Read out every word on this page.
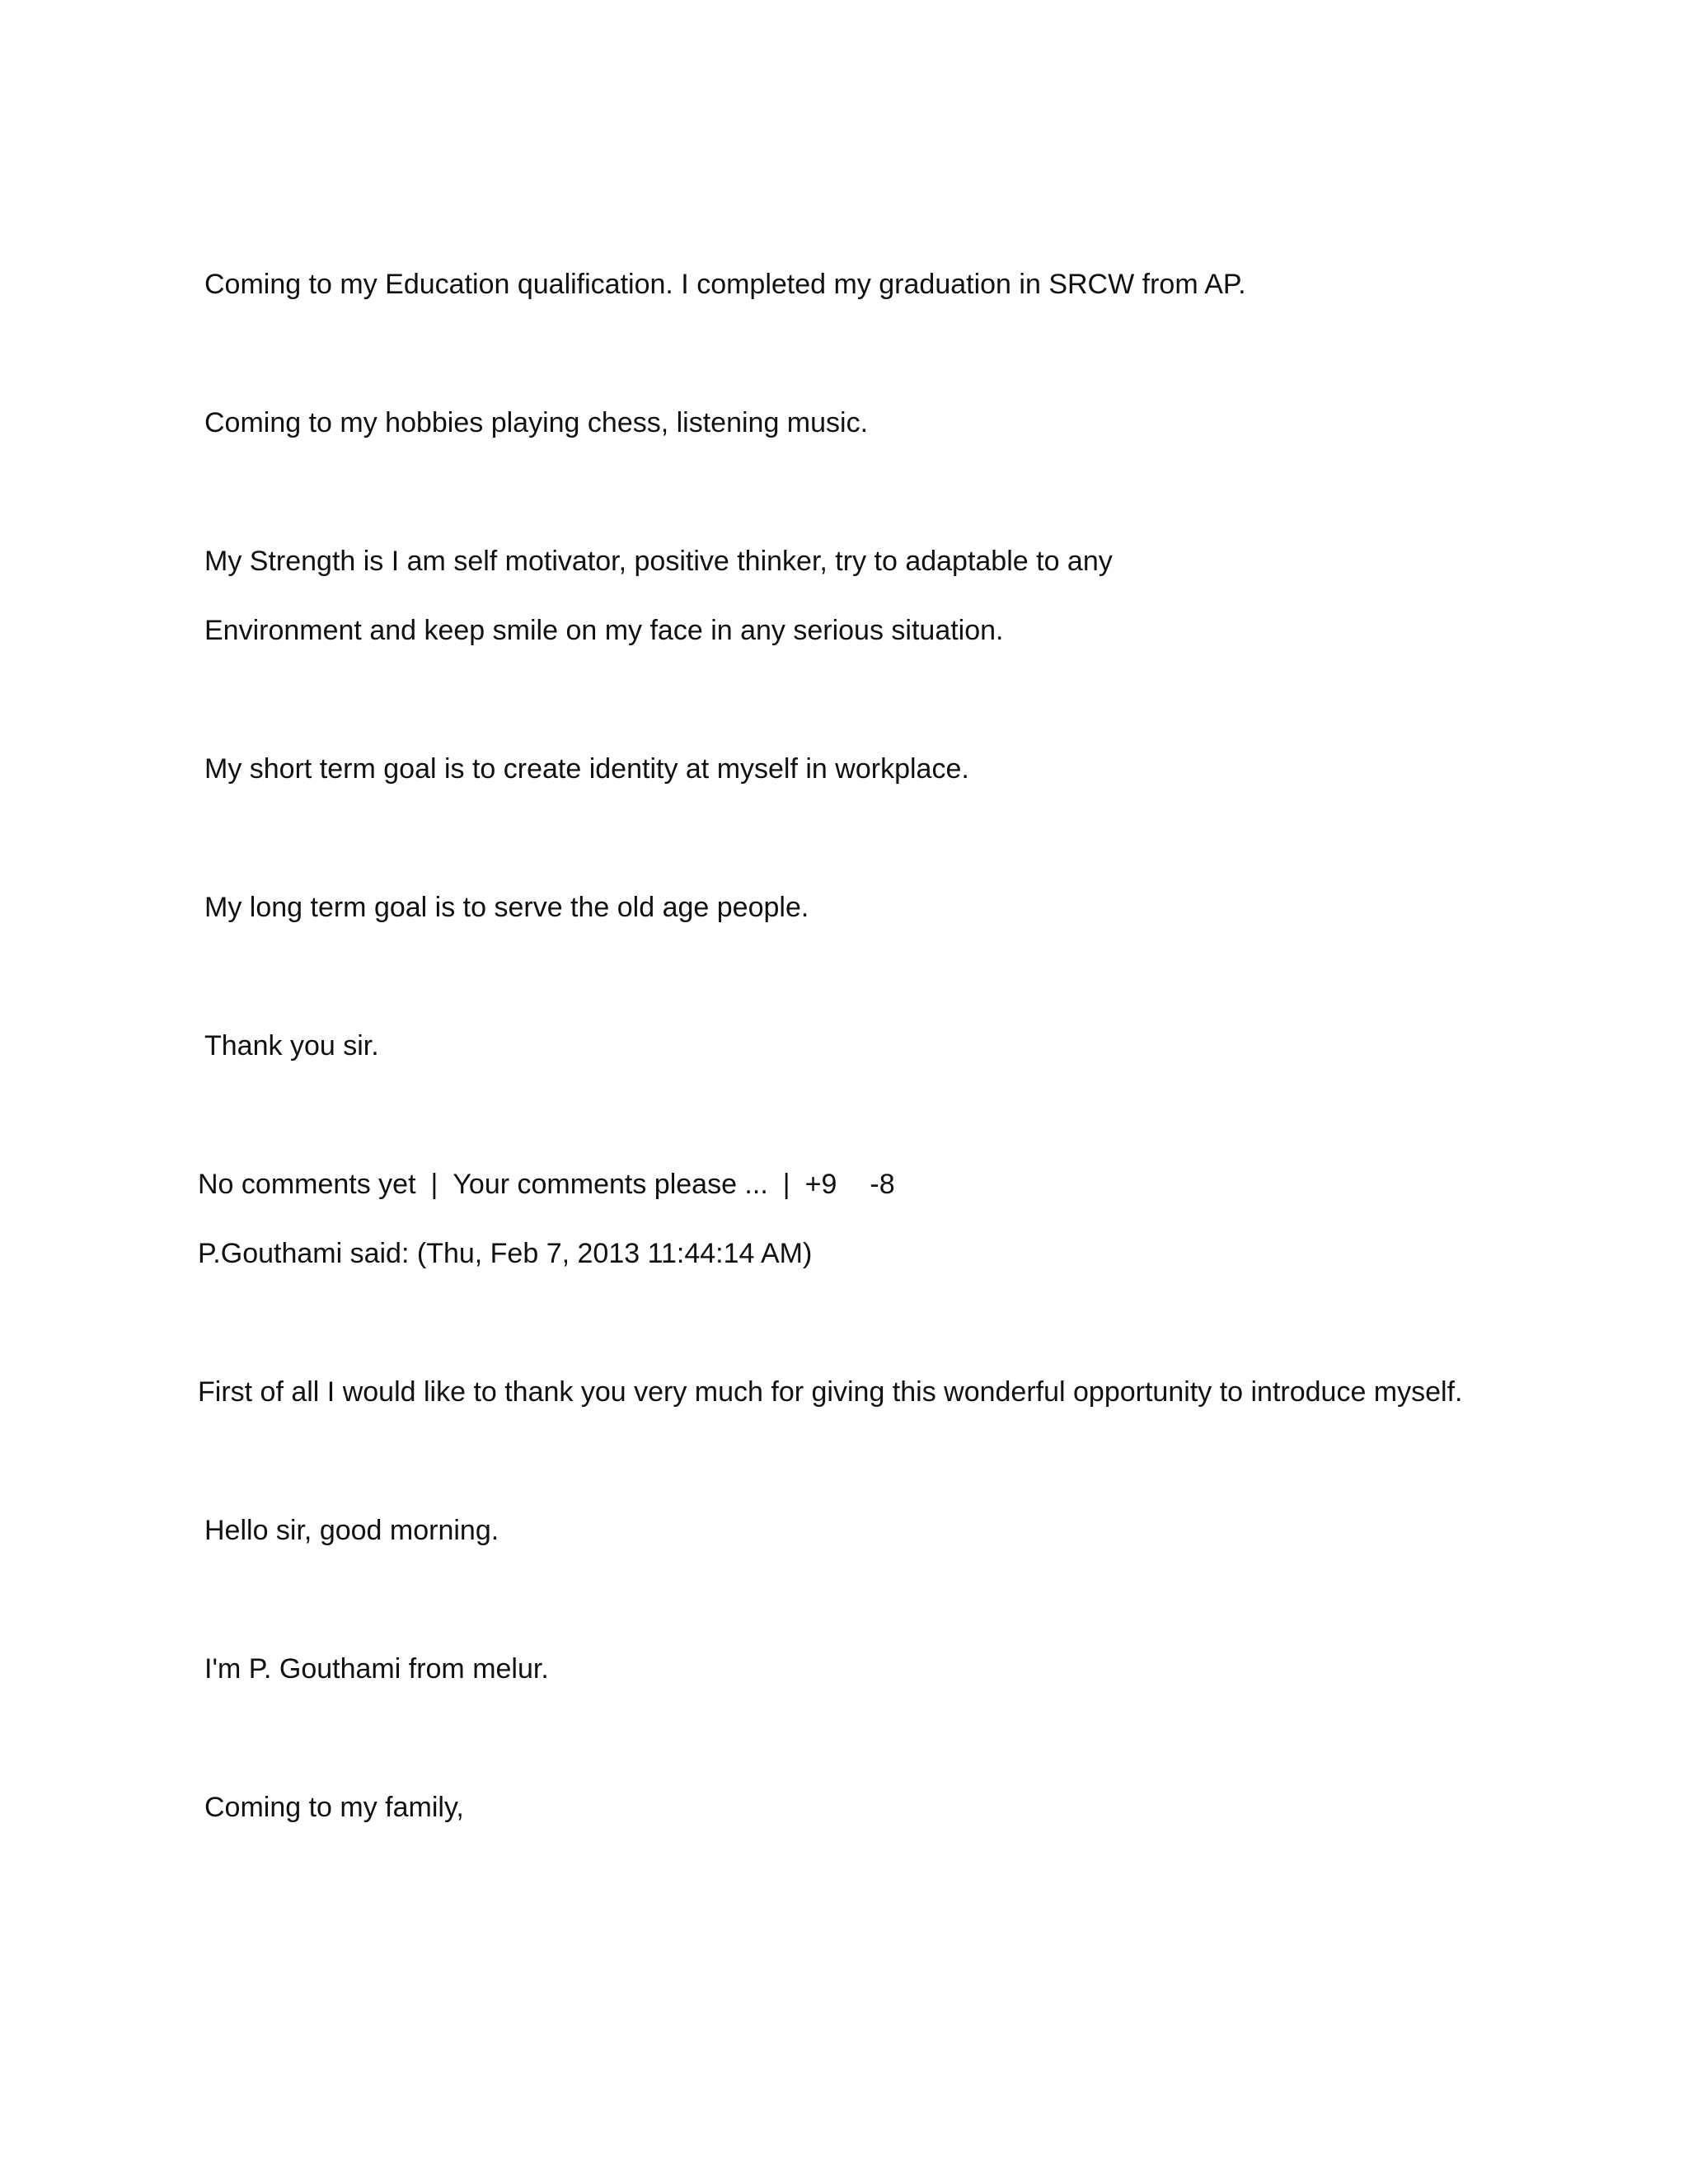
Coming to my Education qualification. I completed my graduation in SRCW from AP.
Coming to my hobbies playing chess, listening music.
My Strength is I am self motivator, positive thinker, try to adaptable to any
Environment and keep smile on my face in any serious situation.
My short term goal is to create identity at myself in workplace.
My long term goal is to serve the old age people.
Thank you sir.
No comments yet | Your comments please ... | +9 -8
P.Gouthami said: (Thu, Feb 7, 2013 11:44:14 AM)
First of all I would like to thank you very much for giving this wonderful opportunity to introduce myself.
Hello sir, good morning.
I'm P. Gouthami from melur.
Coming to my family,
